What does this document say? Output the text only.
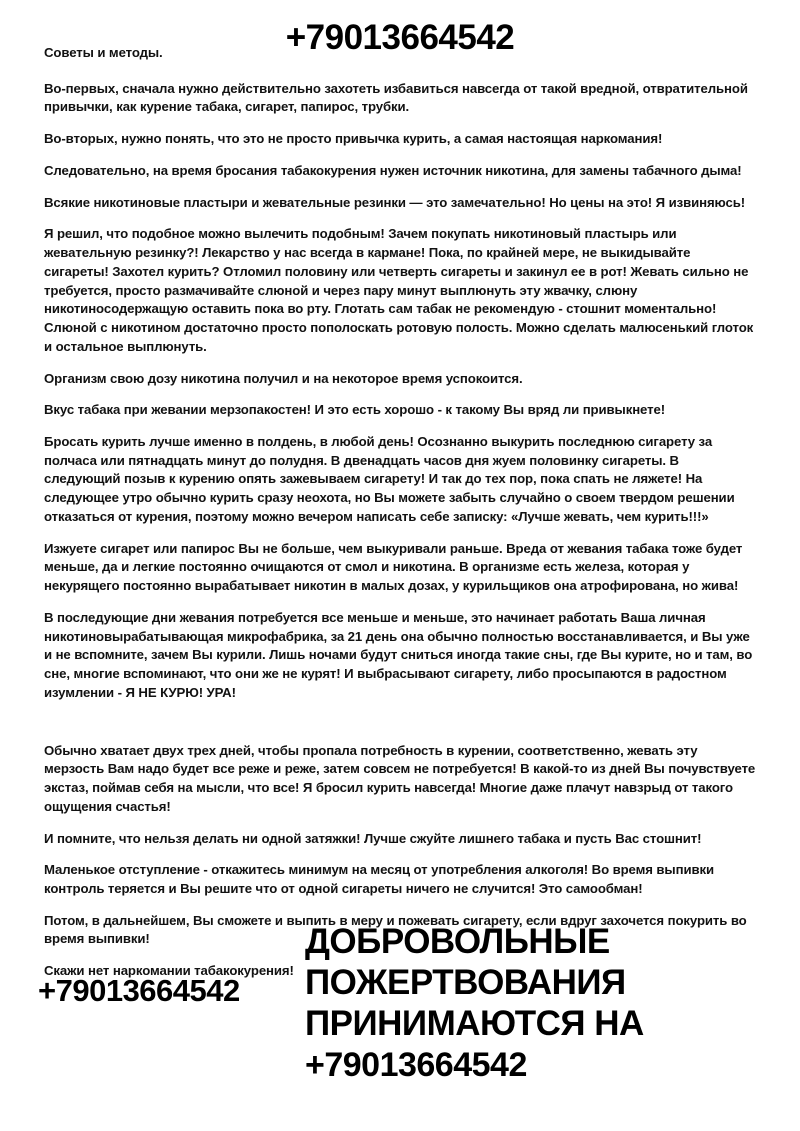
+79013664542

Советы и методы.

Во-первых, сначала нужно действительно захотеть избавиться навсегда от такой вредной, отвратительной привычки, как курение табака, сигарет, папирос, трубки.

Во-вторых, нужно понять, что это не просто привычка курить, а самая настоящая наркомания!

Следовательно, на время бросания табакокурения нужен источник никотина, для замены табачного дыма!

Всякие никотиновые пластыри и жевательные резинки — это замечательно! Но цены на это! Я извиняюсь!

Я решил, что подобное можно вылечить подобным! Зачем покупать никотиновый пластырь или жевательную резинку?! Лекарство у нас всегда в кармане! Пока, по крайней мере, не выкидывайте сигареты! Захотел курить? Отломил половину или четверть сигареты и закинул ее в рот! Жевать сильно не требуется, просто размачивайте слюной и через пару минут выплюнуть эту жвачку, слюну никотиносодержащую оставить пока во рту. Глотать сам табак не рекомендую - стошнит моментально! Слюной с никотином достаточно просто пополоскать ротовую полость. Можно сделать малюсенький глоток и остальное выплюнуть.

Организм свою дозу никотина получил и на некоторое время успокоится.

Вкус табака при жевании мерзопакостен! И это есть хорошо - к такому Вы вряд ли привыкнете!

Бросать курить лучше именно в полдень, в любой день! Осознанно выкурить последнюю сигарету за полчаса или пятнадцать минут до полудня. В двенадцать часов дня жуем половинку сигареты. В следующий позыв к курению опять зажевываем сигарету! И так до тех пор, пока спать не ляжете! На следующее утро обычно курить сразу неохота, но Вы можете забыть случайно о своем твердом решении отказаться от курения, поэтому можно вечером написать себе записку: «Лучше жевать, чем курить!!!»

Изжуете сигарет или папирос Вы не больше, чем выкуривали раньше. Вреда от жевания табака тоже будет меньше, да и легкие постоянно очищаются от смол и никотина. В организме есть железа, которая у некурящего постоянно вырабатывает никотин в малых дозах, у курильщиков она атрофирована, но жива!

В последующие дни жевания потребуется все меньше и меньше, это начинает работать Ваша личная никотиновырабатывающая микрофабрика, за 21 день она обычно полностью восстанавливается, и Вы уже и не вспомните, зачем Вы курили. Лишь ночами будут сниться иногда такие сны, где Вы курите, но и там, во сне, многие вспоминают, что они же не курят! И выбрасывают сигарету, либо просыпаются в радостном изумлении - Я НЕ КУРЮ! УРА!

Обычно хватает двух трех дней, чтобы пропала потребность в курении, соответственно, жевать эту мерзость Вам надо будет все реже и реже, затем совсем не потребуется! В какой-то из дней Вы почувствуете экстаз, поймав себя на мысли, что все! Я бросил курить навсегда! Многие даже плачут навзрыд от такого ощущения счастья!

И помните, что нельзя делать ни одной затяжки! Лучше сжуйте лишнего табака и пусть Вас стошнит!

Маленькое отступление - откажитесь минимум на месяц от употребления алкоголя! Во время выпивки контроль теряется и Вы решите что от одной сигареты ничего не случится! Это самообман!

Потом, в дальнейшем, Вы сможете и выпить в меру и пожевать сигарету, если вдруг захочется покурить во время выпивки!

Скажи нет наркомании табакокурения!

+79013664542
ДОБРОВОЛЬНЫЕ
ПОЖЕРТВОВАНИЯ
ПРИНИМАЮТСЯ НА
+79013664542
